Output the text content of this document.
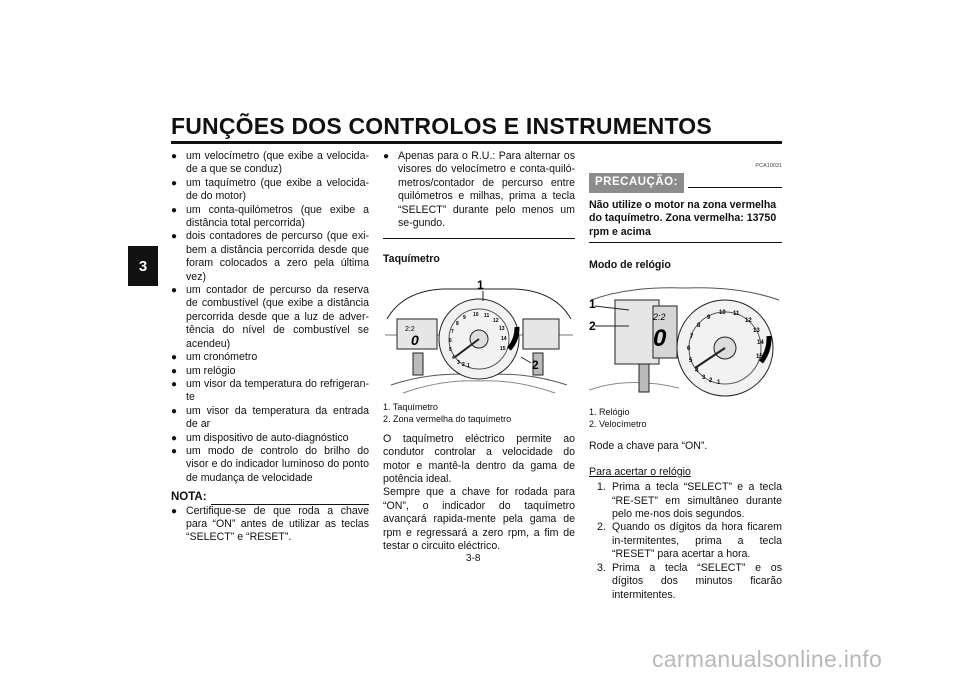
FUNÇÕES DOS CONTROLOS E INSTRUMENTOS
3
● um velocímetro (que exibe a velocida-de a que se conduz)
● um taquímetro (que exibe a velocida-de do motor)
● um conta-quilómetros (que exibe a distância total percorrida)
● dois contadores de percurso (que exi-bem a distância percorrida desde que foram colocados a zero pela última vez)
● um contador de percurso da reserva de combustível (que exibe a distância percorrida desde que a luz de adver-tência do nível de combustível se acendeu)
● um cronómetro
● um relógio
● um visor da temperatura do refrigeran-te
● um visor da temperatura da entrada de ar
● um dispositivo de auto-diagnóstico
● um modo de controlo do brilho do visor e do indicador luminoso do ponto de mudança de velocidade
NOTA:
● Certifique-se de que roda a chave para “ON” antes de utilizar as teclas “SELECT” e “RESET”.
● Apenas para o R.U.: Para alternar os visores do velocímetro e conta-quiló-metros/contador de percurso entre quilómetros e milhas, prima a tecla “SELECT” durante pelo menos um se-gundo.
Taquímetro
2:2
0
1
2
3
4
5
6
7
8
9 10 11
12
13
14
15
1
2
1. Taquímetro
2. Zona vermelha do taquímetro

O taquímetro eléctrico permite ao condutor controlar a velocidade do motor e mantê-la dentro da gama de potência ideal.

Sempre que a chave for rodada para “ON”, o indicador do taquímetro avançará rapida-mente pela gama de rpm e regressará a zero rpm, a fim de testar o circuito eléctrico.

PCA10031
PRECAUÇÃO:
Não utilize o motor na zona vermelha do taquímetro. Zona vermelha: 13750 rpm e acima
Modo de relógio
2:2
0
1
2
3
4
5
6
7
8
9
10 11
12
13
14
15
1
2
1. Relógio
2. Velocímetro

Rode a chave para “ON”.

Para acertar o relógio
1. Prima a tecla “SELECT” e a tecla “RE-SET” em simultâneo durante pelo me-nos dois segundos.
2. Quando os dígitos da hora ficarem in-termitentes, prima a tecla “RESET” para acertar a hora.
3. Prima a tecla “SELECT” e os dígitos dos minutos ficarão intermitentes.
3-8
carmanualsonline.info
